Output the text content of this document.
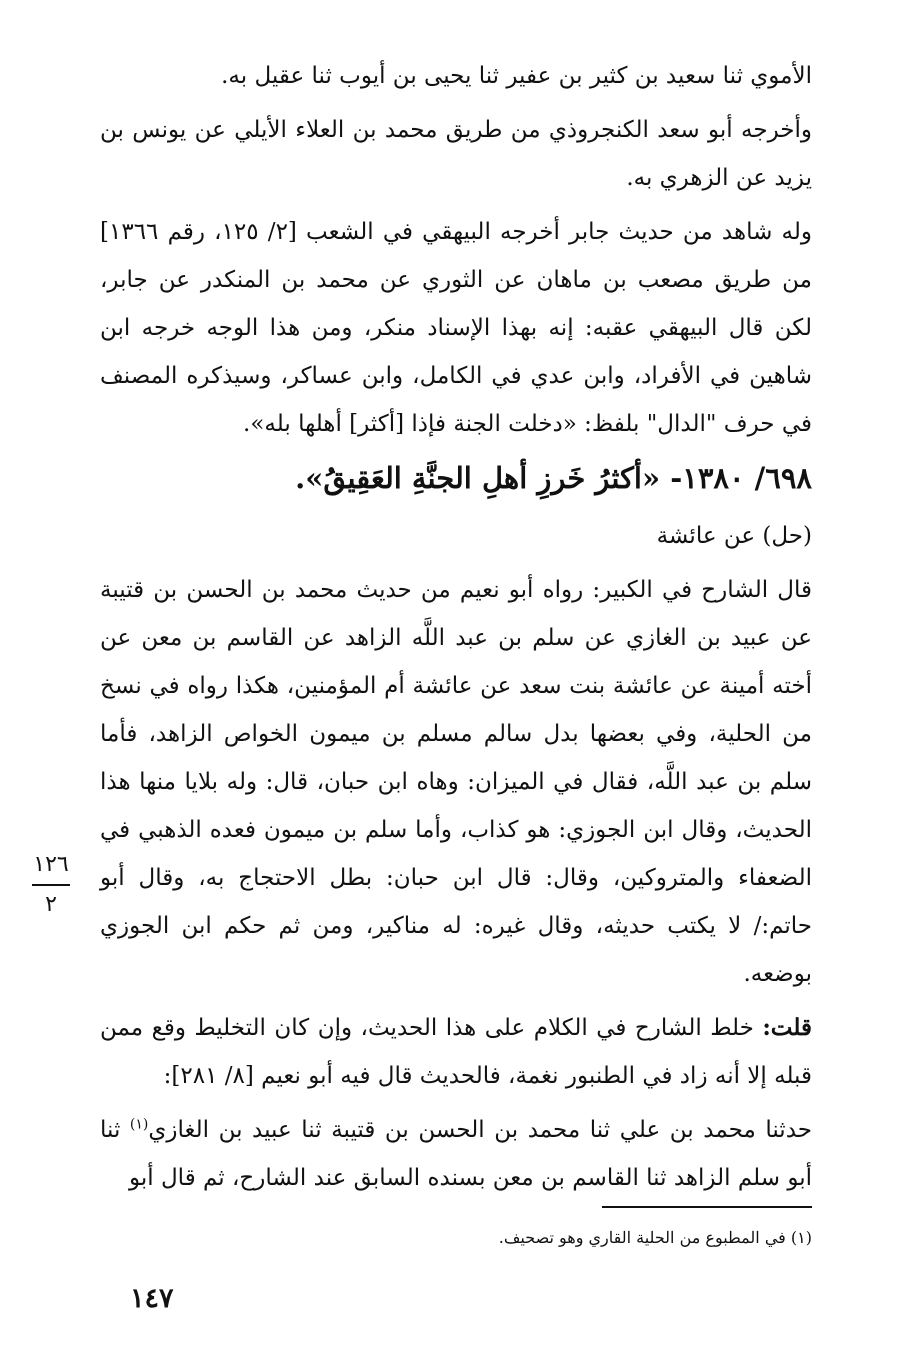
الأموي ثنا سعيد بن كثير بن عفير ثنا يحيى بن أيوب ثنا عقيل به.

وأخرجه أبو سعد الكنجروذي من طريق محمد بن العلاء الأيلي عن يونس بن يزيد عن الزهري به.

وله شاهد من حديث جابر أخرجه البيهقي في الشعب [٢/ ١٢٥، رقم ١٣٦٦] من طريق مصعب بن ماهان عن الثوري عن محمد بن المنكدر عن جابر، لكن قال البيهقي عقبه: إنه بهذا الإسناد منكر، ومن هذا الوجه خرجه ابن شاهين في الأفراد، وابن عدي في الكامل، وابن عساكر، وسيذكره المصنف في حرف "الدال" بلفظ: «دخلت الجنة فإذا [أكثر] أهلها بله».

٦٩٨/ ١٣٨٠- «أكثرُ خَرزِ أهلِ الجنَّةِ العَقِيقُ».

(حل) عن عائشة

قال الشارح في الكبير: رواه أبو نعيم من حديث محمد بن الحسن بن قتيبة عن عبيد بن الغازي عن سلم بن عبد اللَّه الزاهد عن القاسم بن معن عن أخته أمينة عن عائشة بنت سعد عن عائشة أم المؤمنين، هكذا رواه في نسخ من الحلية، وفي بعضها بدل سالم مسلم بن ميمون الخواص الزاهد، فأما سلم بن عبد اللَّه، فقال في الميزان: وهاه ابن حبان، قال: وله بلايا منها هذا الحديث، وقال ابن الجوزي: هو كذاب، وأما سلم بن ميمون فعده الذهبي في الضعفاء والمتروكين، وقال: قال ابن حبان: بطل الاحتجاج به، وقال أبو حاتم:/ لا يكتب حديثه، وقال غيره: له مناكير، ومن ثم حكم ابن الجوزي بوضعه.

قلت: خلط الشارح في الكلام على هذا الحديث، وإن كان التخليط وقع ممن قبله إلا أنه زاد في الطنبور نغمة، فالحديث قال فيه أبو نعيم [٨/ ٢٨١]:

حدثنا محمد بن علي ثنا محمد بن الحسن بن قتيبة ثنا عبيد بن الغازي$^{(١)}$ ثنا أبو سلم الزاهد ثنا القاسم بن معن بسنده السابق عند الشارح، ثم قال أبو

١٢٦
٢
(١) في المطبوع من الحلية القاري وهو تصحيف.
١٤٧
